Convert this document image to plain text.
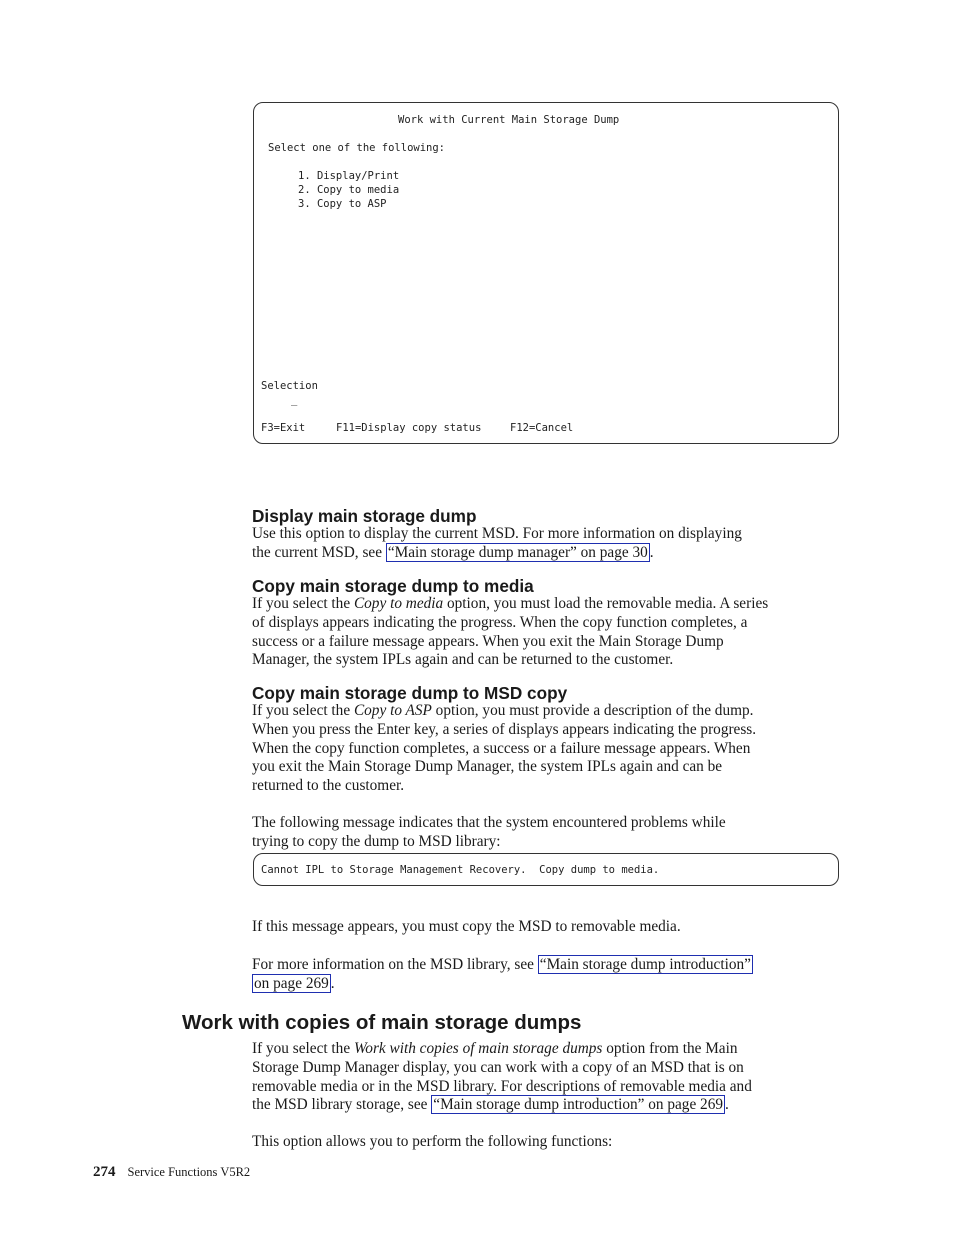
Work with Current Main Storage Dump
Select one of the following:
1. Display/Print
2. Copy to media
3. Copy to ASP
Selection
_
F3=Exit	F11=Display copy status	F12=Cancel
Display main storage dump
Use this option to display the current MSD. For more information on displaying
the current MSD, see “Main storage dump manager” on page 30 .
Copy main storage dump to media
If you select the Copy to media option, you must load the removable media. A series
of displays appears indicating the progress. When the copy function completes, a
success or a failure message appears. When you exit the Main Storage Dump
Manager, the system IPLs again and can be returned to the customer.
Copy main storage dump to MSD copy
If you select the Copy to ASP option, you must provide a description of the dump.
When you press the Enter key, a series of displays appears indicating the progress.
When the copy function completes, a success or a failure message appears. When
you exit the Main Storage Dump Manager, the system IPLs again and can be
returned to the customer.
The following message indicates that the system encountered problems while
trying to copy the dump to MSD library:
Cannot IPL to Storage Management Recovery.  Copy dump to media.
If this message appears, you must copy the MSD to removable media.
For more information on the MSD library, see “Main storage dump introduction”
on page 269 .
Work with copies of main storage dumps
If you select the Work with copies of main storage dumps option from the Main
Storage Dump Manager display, you can work with a copy of an MSD that is on
removable media or in the MSD library. For descriptions of removable media and
the MSD library storage, see “Main storage dump introduction” on page 269 .
This option allows you to perform the following functions:
274 Service Functions V5R2
